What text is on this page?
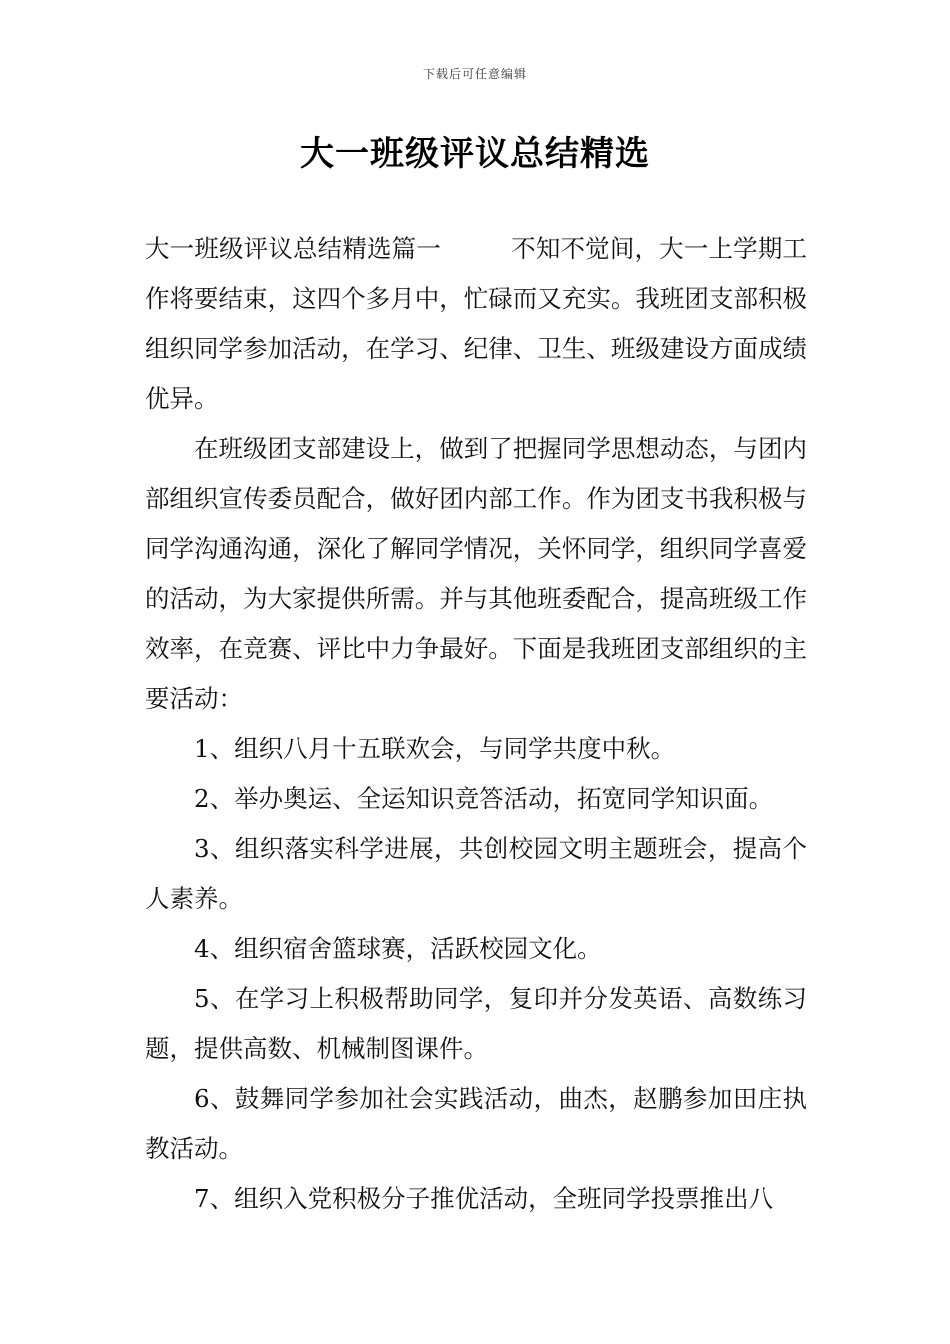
下载后可任意编辑
大一班级评议总结精选

大一班级评议总结精选篇一	不知不觉间，大一上学期工作将要结束，这四个多月中，忙碌而又充实。我班团支部积极组织同学参加活动，在学习、纪律、卫生、班级建设方面成绩优异。

在班级团支部建设上，做到了把握同学思想动态，与团内部组织宣传委员配合，做好团内部工作。作为团支书我积极与同学沟通沟通，深化了解同学情况，关怀同学，组织同学喜爱的活动，为大家提供所需。并与其他班委配合，提高班级工作效率，在竞赛、评比中力争最好。下面是我班团支部组织的主要活动：

1、组织八月十五联欢会，与同学共度中秋。

2、举办奥运、全运知识竞答活动，拓宽同学知识面。

3、组织落实科学进展，共创校园文明主题班会，提高个人素养。

4、组织宿舍篮球赛，活跃校园文化。

5、在学习上积极帮助同学，复印并分发英语、高数练习题，提供高数、机械制图课件。

6、鼓舞同学参加社会实践活动，曲杰，赵鹏参加田庄执教活动。

7、组织入党积极分子推优活动，全班同学投票推出八
